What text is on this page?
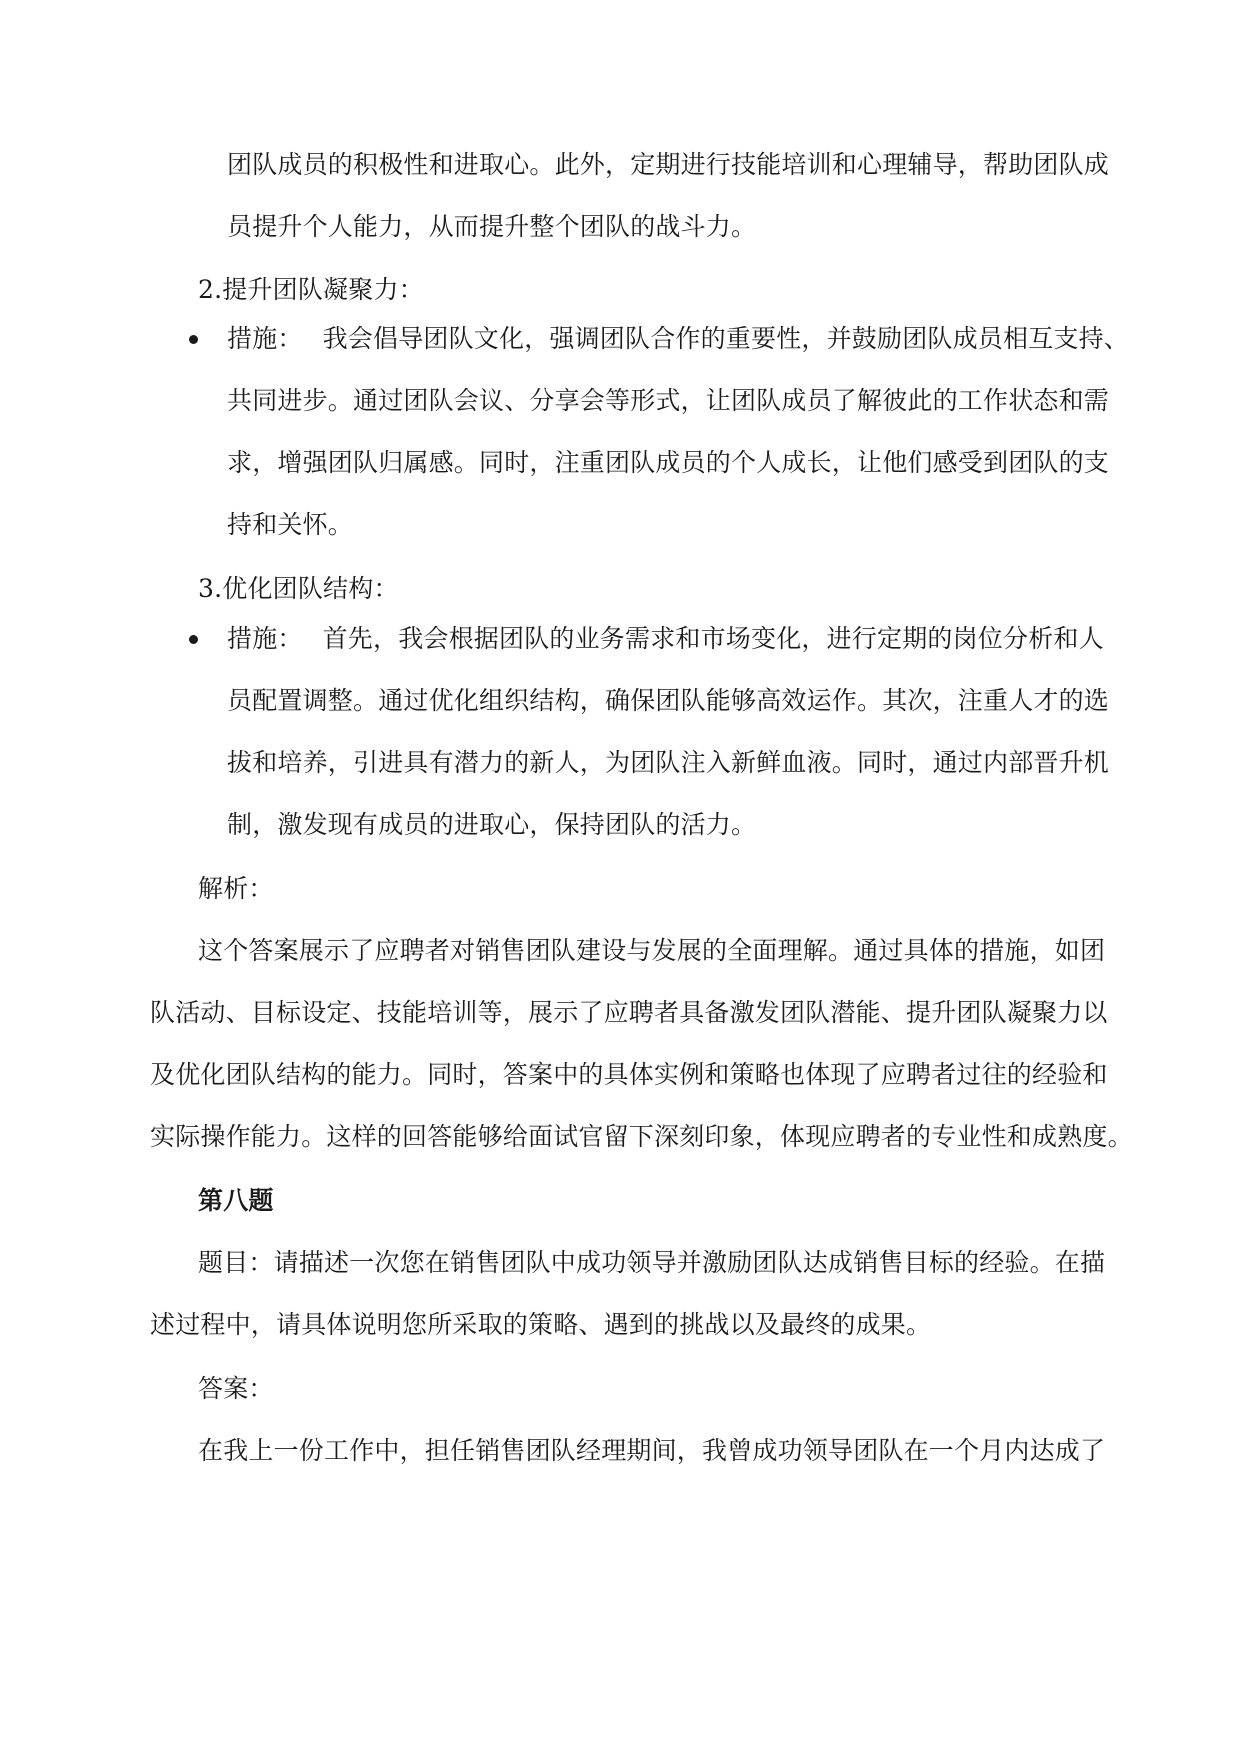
团队成员的积极性和进取心。此外，定期进行技能培训和心理辅导，帮助团队成
员提升个人能力，从而提升整个团队的战斗力。
2.提升团队凝聚力：
措施： 我会倡导团队文化，强调团队合作的重要性，并鼓励团队成员相互支持、
共同进步。通过团队会议、分享会等形式，让团队成员了解彼此的工作状态和需
求，增强团队归属感。同时，注重团队成员的个人成长，让他们感受到团队的支
持和关怀。
3.优化团队结构：
措施： 首先，我会根据团队的业务需求和市场变化，进行定期的岗位分析和人
员配置调整。通过优化组织结构，确保团队能够高效运作。其次，注重人才的选
拔和培养，引进具有潜力的新人，为团队注入新鲜血液。同时，通过内部晋升机
制，激发现有成员的进取心，保持团队的活力。
解析：
这个答案展示了应聘者对销售团队建设与发展的全面理解。通过具体的措施，如团
队活动、目标设定、技能培训等，展示了应聘者具备激发团队潜能、提升团队凝聚力以
及优化团队结构的能力。同时，答案中的具体实例和策略也体现了应聘者过往的经验和
实际操作能力。这样的回答能够给面试官留下深刻印象，体现应聘者的专业性和成熟度。
第八题
题目：请描述一次您在销售团队中成功领导并激励团队达成销售目标的经验。在描
述过程中，请具体说明您所采取的策略、遇到的挑战以及最终的成果。
答案：
在我上一份工作中，担任销售团队经理期间，我曾成功领导团队在一个月内达成了
